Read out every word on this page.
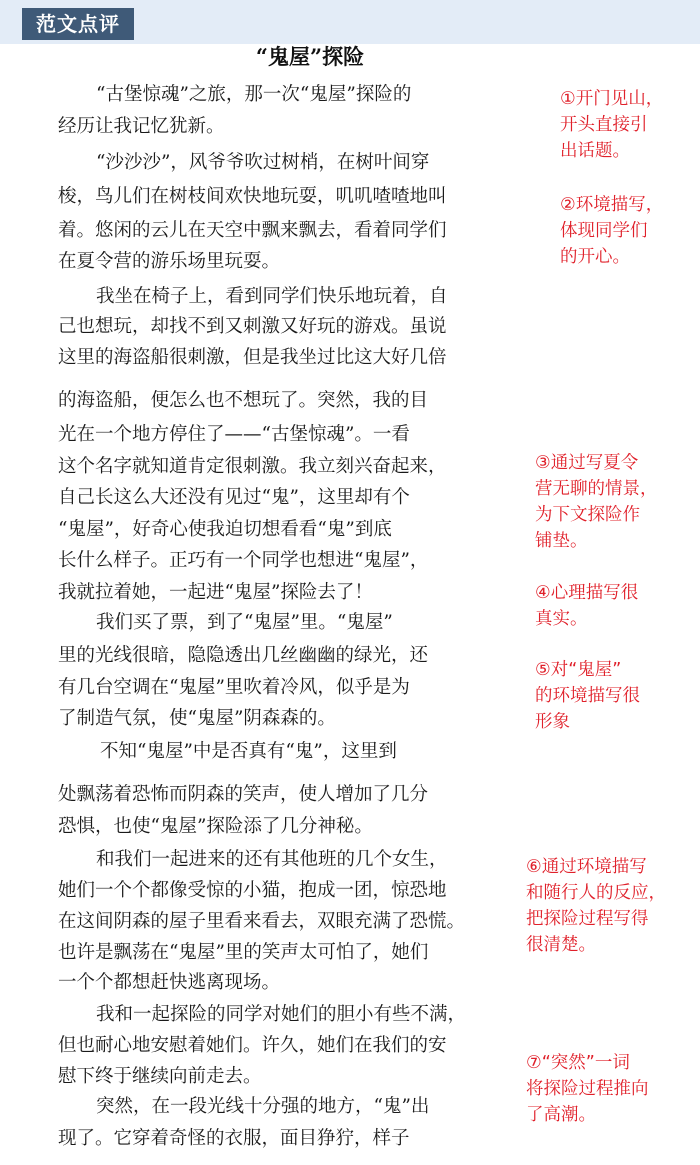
范文点评
“鬼屋”探险

“古堡惊魂”之旅，那一次“鬼屋”探险的

经历让我记忆犹新。

“沙沙沙”，风爷爷吹过树梢，在树叶间穿

梭，鸟儿们在树枝间欢快地玩耍，叽叽喳喳地叫

着。悠闲的云儿在天空中飘来飘去，看着同学们

在夏令营的游乐场里玩耍。

我坐在椅子上，看到同学们快乐地玩着，自

己也想玩，却找不到又刺激又好玩的游戏。虽说

这里的海盗船很刺激，但是我坐过比这大好几倍

的海盗船，便怎么也不想玩了。突然，我的目

光在一个地方停住了——“古堡惊魂”。一看

这个名字就知道肯定很刺激。我立刻兴奋起来，

自己长这么大还没有见过“鬼”，这里却有个

“鬼屋”，好奇心使我迫切想看看“鬼”到底

长什么样子。正巧有一个同学也想进“鬼屋”，

我就拉着她，一起进“鬼屋”探险去了！

我们买了票，到了“鬼屋”里。“鬼屋”

里的光线很暗，隐隐透出几丝幽幽的绿光，还

有几台空调在“鬼屋”里吹着冷风，似乎是为

了制造气氛，使“鬼屋”阴森森的。

不知“鬼屋”中是否真有“鬼”，这里到

处飘荡着恐怖而阴森的笑声，使人增加了几分

恐惧，也使“鬼屋”探险添了几分神秘。

和我们一起进来的还有其他班的几个女生，

她们一个个都像受惊的小猫，抱成一团，惊恐地

在这间阴森的屋子里看来看去，双眼充满了恐慌。

也许是飘荡在“鬼屋”里的笑声太可怕了，她们

一个个都想赶快逃离现场。

我和一起探险的同学对她们的胆小有些不满，

但也耐心地安慰着她们。许久，她们在我们的安

慰下终于继续向前走去。

突然，在一段光线十分强的地方，“鬼”出

现了。它穿着奇怪的衣服，面目狰狞，样子

①开门见山，
开头直接引
出话题。
②环境描写，
体现同学们
的开心。
③通过写夏令
营无聊的情景，
为下文探险作
铺垫。
④心理描写很
真实。
⑤对“鬼屋”
的环境描写很
形象
⑥通过环境描写
和随行人的反应，
把探险过程写得
很清楚。
⑦“突然”一词
将探险过程推向
了高潮。
